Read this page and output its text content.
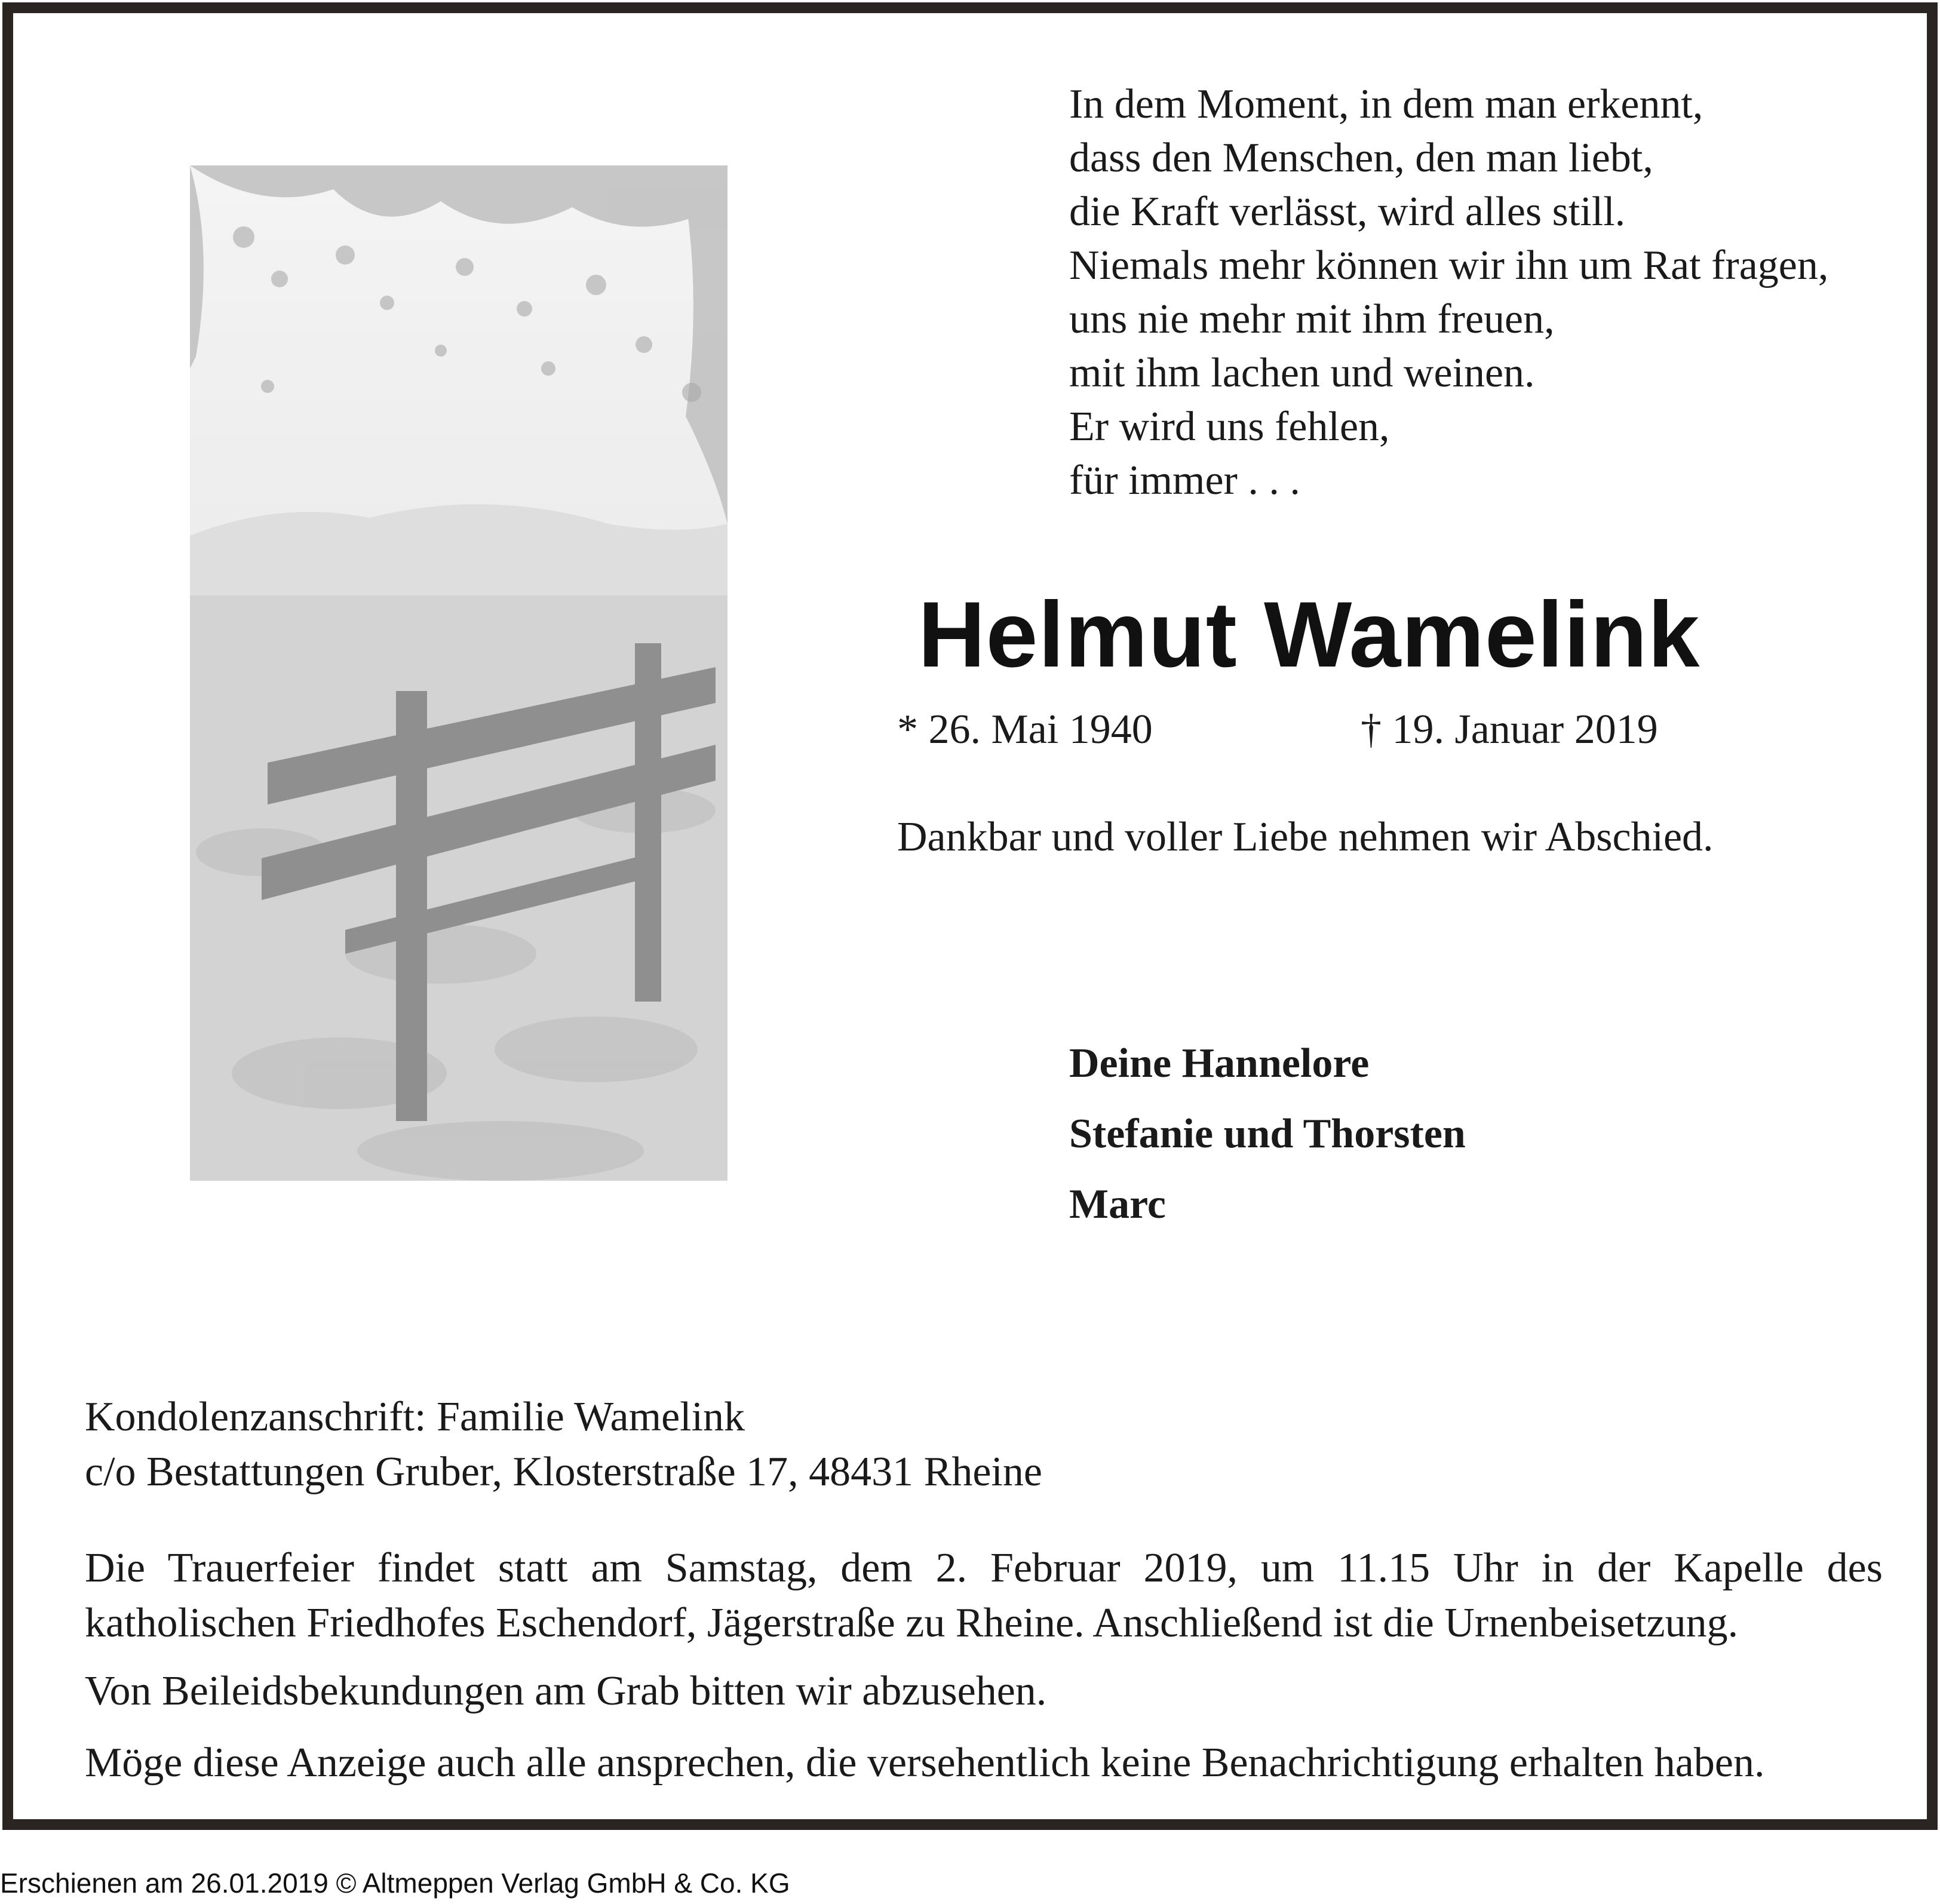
In dem Moment, in dem man erkennt,
dass den Menschen, den man liebt,
die Kraft verlässt, wird alles still.
Niemals mehr können wir ihn um Rat fragen,
uns nie mehr mit ihm freuen,
mit ihm lachen und weinen.
Er wird uns fehlen,
für immer . . .
Helmut Wamelink
* 26. Mai 1940	† 19. Januar 2019
Dankbar und voller Liebe nehmen wir Abschied.
Deine Hannelore
Stefanie und Thorsten
Marc
Kondolenzanschrift: Familie Wamelink
c/o Bestattungen Gruber, Klosterstraße 17, 48431 Rheine
Die Trauerfeier findet statt am Samstag, dem 2. Februar 2019, um 11.15 Uhr in der Kapelle des katholischen Friedhofes Eschendorf, Jägerstraße zu Rheine. Anschließend ist die Urnenbeisetzung.
Von Beileidsbekundungen am Grab bitten wir abzusehen.
Möge diese Anzeige auch alle ansprechen, die versehentlich keine Benachrichtigung erhalten haben.
Erschienen am 26.01.2019 © Altmeppen Verlag GmbH & Co. KG
